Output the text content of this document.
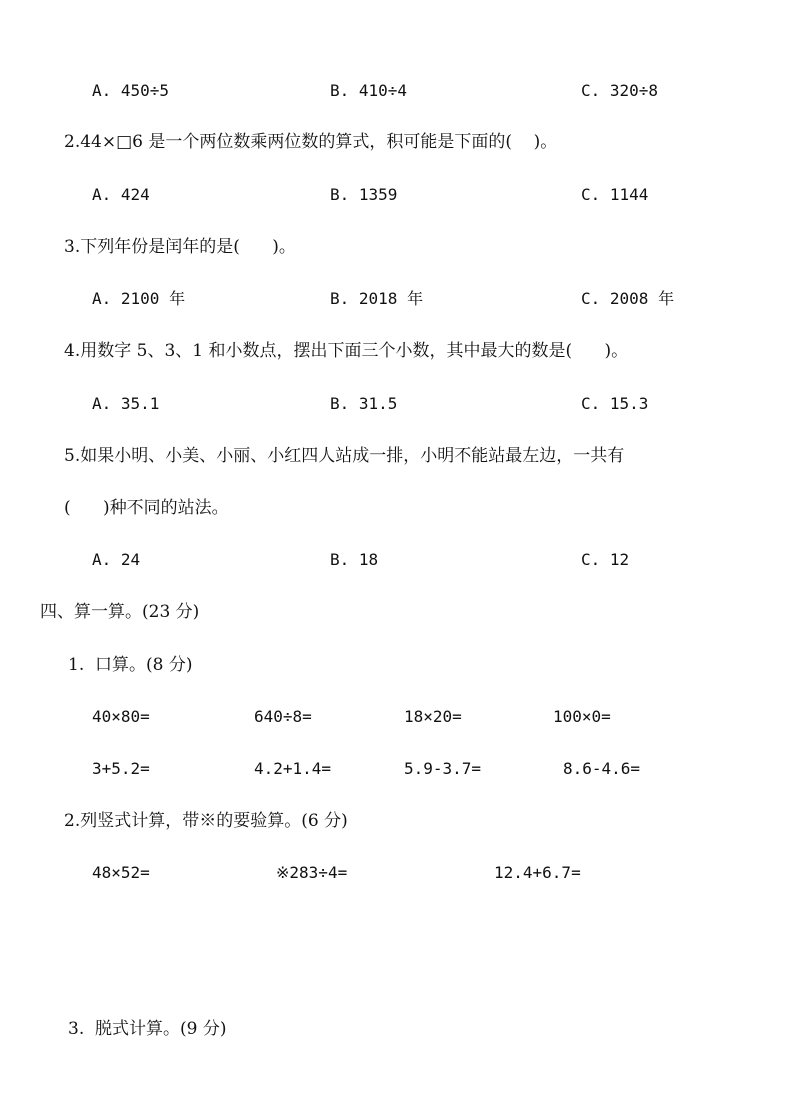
A. 450÷5	B. 410÷4	C. 320÷8
2.44×□6 是一个两位数乘两位数的算式，积可能是下面的(    )。
A. 424	B. 1359	C. 1144
3.下列年份是闰年的是(      )。
A. 2100 年	B. 2018 年	C. 2008 年
4.用数字 5、3、1 和小数点，摆出下面三个小数，其中最大的数是(      )。
A. 35.1	B. 31.5	C. 15.3
5.如果小明、小美、小丽、小红四人站成一排，小明不能站最左边，一共有
(      )种不同的站法。
A. 24	B. 18	C. 12
四、算一算。(23 分)
1.  口算。(8 分)
40×80=	640÷8=	18×20=	100×0=
3+5.2=	4.2+1.4=	5.9-3.7=	8.6-4.6=
2.列竖式计算，带※的要验算。(6 分)
48×52=	※283÷4=	12.4+6.7=
3.  脱式计算。(9 分)
